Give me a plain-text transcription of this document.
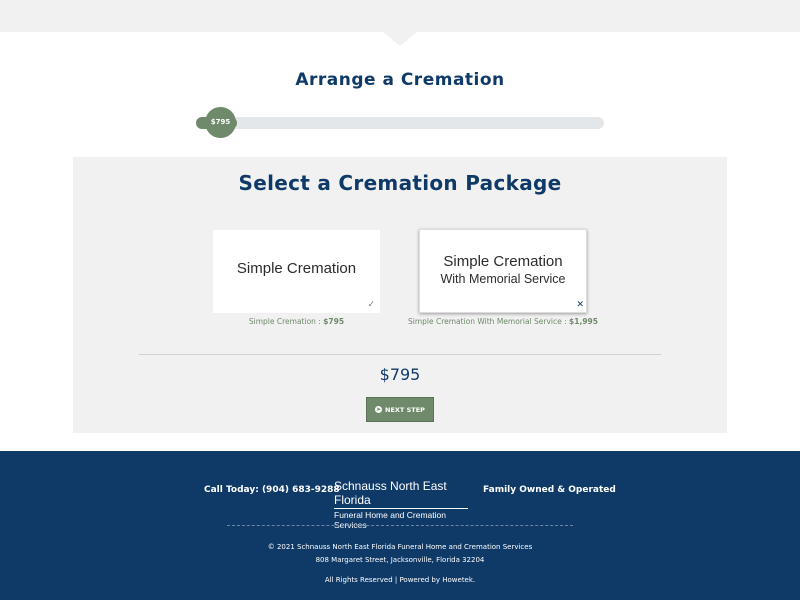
Arrange a Cremation
$795
Select a Cremation Package
Simple Cremation
✓
Simple Cremation : $795
Simple Cremation
With Memorial Service
✕
Simple Cremation With Memorial Service : $1,995
$795
➤ NEXT STEP
Call Today: (904) 683-9288
Schnauss North East Florida
Funeral Home and Cremation Services
Family Owned & Operated
© 2021 Schnauss North East Florida Funeral Home and Cremation Services
808 Margaret Street, Jacksonville, Florida 32204
All Rights Reserved | Powered by Howetek.
